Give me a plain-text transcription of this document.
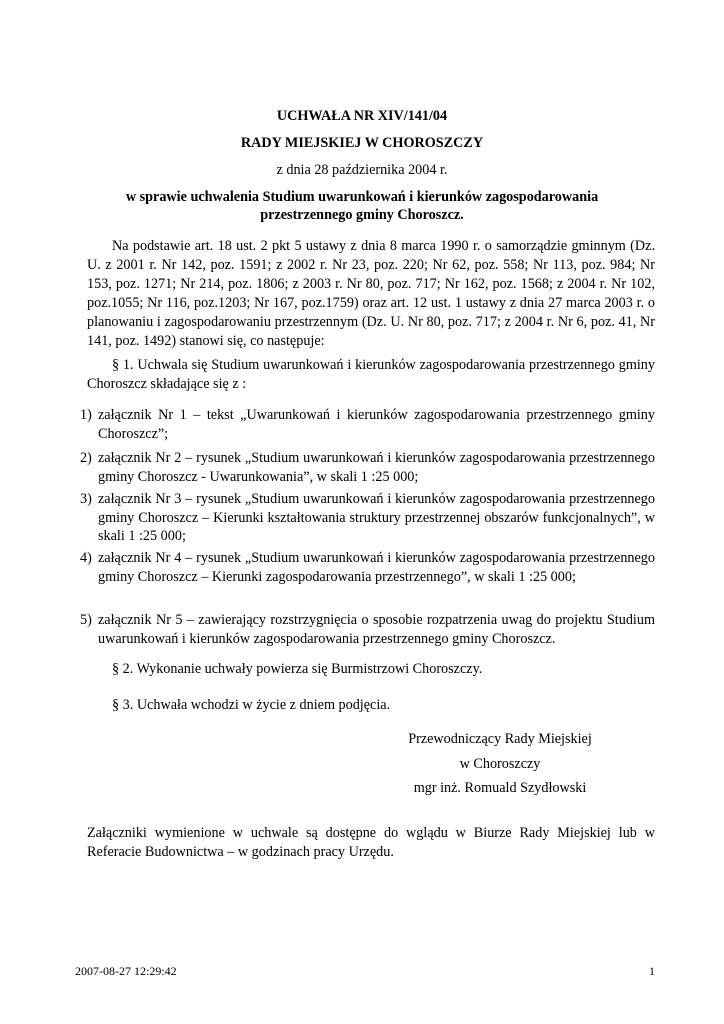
UCHWAŁA NR XIV/141/04
RADY MIEJSKIEJ W CHOROSZCZY
z dnia 28 października 2004 r.
w sprawie uchwalenia Studium uwarunkowań i kierunków zagospodarowania
przestrzennego gminy Choroszcz.
Na podstawie art. 18 ust. 2 pkt 5 ustawy z dnia 8 marca 1990 r. o samorządzie gminnym (Dz. U. z 2001 r. Nr 142, poz. 1591; z 2002 r. Nr 23, poz. 220; Nr 62, poz. 558; Nr 113, poz. 984; Nr 153, poz. 1271; Nr 214, poz. 1806; z 2003 r. Nr 80, poz. 717; Nr 162, poz. 1568; z 2004 r. Nr 102, poz.1055; Nr 116, poz.1203; Nr 167, poz.1759) oraz art. 12 ust. 1 ustawy z dnia 27 marca 2003 r. o planowaniu i zagospodarowaniu przestrzennym (Dz. U. Nr 80, poz. 717; z 2004 r. Nr 6, poz. 41, Nr 141, poz. 1492) stanowi się, co następuje:
§ 1. Uchwala się Studium uwarunkowań i kierunków zagospodarowania przestrzennego gminy Choroszcz składające się z :
1) załącznik Nr 1 – tekst „Uwarunkowań i kierunków zagospodarowania przestrzennego gminy Choroszcz”;
2) załącznik Nr 2 – rysunek „Studium uwarunkowań i kierunków zagospodarowania przestrzennego gminy Choroszcz - Uwarunkowania”, w skali 1 :25 000;
3) załącznik Nr 3 – rysunek „Studium uwarunkowań i kierunków zagospodarowania przestrzennego gminy Choroszcz – Kierunki kształtowania struktury przestrzennej obszarów funkcjonalnych”, w skali 1 :25 000;
4) załącznik Nr 4 – rysunek „Studium uwarunkowań i kierunków zagospodarowania przestrzennego gminy Choroszcz – Kierunki zagospodarowania przestrzennego”, w skali 1 :25 000;
5) załącznik Nr 5 – zawierający rozstrzygnięcia o sposobie rozpatrzenia uwag do projektu Studium uwarunkowań i kierunków zagospodarowania przestrzennego gminy Choroszcz.
§ 2. Wykonanie uchwały powierza się Burmistrzowi Choroszczy.
§ 3. Uchwała wchodzi w życie z dniem podjęcia.
Przewodniczący Rady Miejskiej
w Choroszczy
mgr inż. Romuald Szydłowski
Załączniki wymienione w uchwale są dostępne do wglądu w Biurze Rady Miejskiej lub w Referacie Budownictwa – w godzinach pracy Urzędu.
2007-08-27 12:29:42	1
